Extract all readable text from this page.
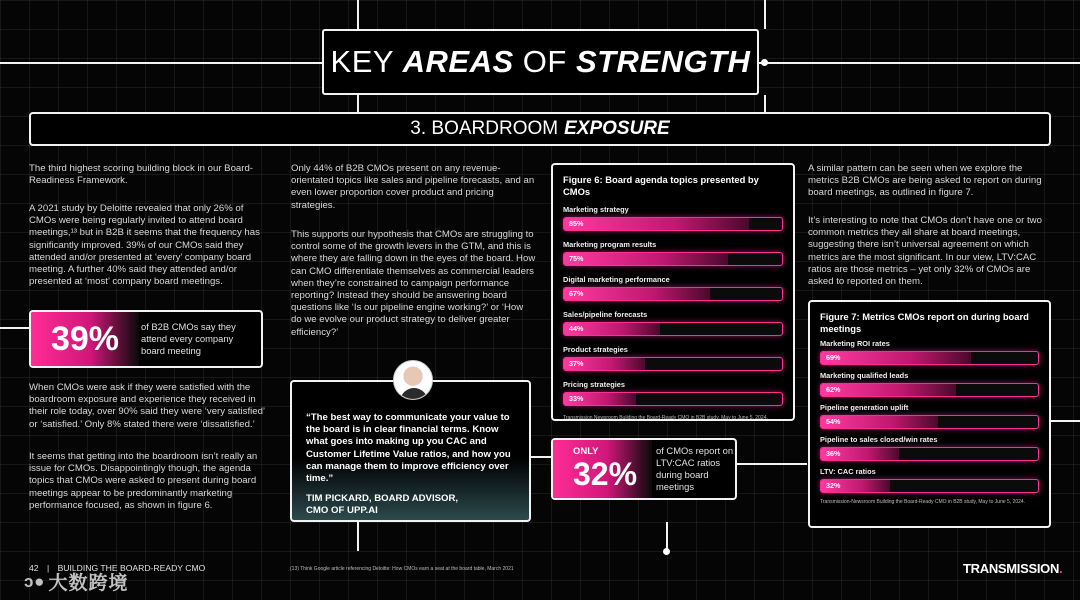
KEY AREAS OF STRENGTH
3. BOARDROOM EXPOSURE
The third highest scoring building block in our Board-Readiness Framework.
A 2021 study by Deloitte revealed that only 26% of CMOs were being regularly invited to attend board meetings,¹³ but in B2B it seems that the frequency has significantly improved. 39% of our CMOs said they attended and/or presented at ‘every’ company board meeting. A further 40% said they attended and/or presented at ‘most’ company board meetings.
39%	of B2B CMOs say they attend every company board meeting
When CMOs were ask if they were satisfied with the boardroom exposure and experience they received in their role today, over 90% said they were ‘very satisfied’ or ‘satisfied.’ Only 8% stated there were ‘dissatisfied.’
It seems that getting into the boardroom isn’t really an issue for CMOs. Disappointingly though, the agenda topics that CMOs were asked to present during board meetings appear to be predominantly marketing performance focused, as shown in figure 6.
Only 44% of B2B CMOs present on any revenue-orientated topics like sales and pipeline forecasts, and an even lower proportion cover product and pricing strategies.
This supports our hypothesis that CMOs are struggling to control some of the growth levers in the GTM, and this is where they are falling down in the eyes of the board. How can CMO differentiate themselves as commercial leaders when they’re constrained to campaign performance reporting? Instead they should be answering board questions like ‘Is our pipeline engine working?’ or ‘How do we evolve our product strategy to deliver greater efficiency?’
“The best way to communicate your value to the board is in clear financial terms. Know what goes into making up you CAC and Customer Lifetime Value ratios, and how you can manage them to improve efficiency over time.”
TIM PICKARD, BOARD ADVISOR,
CMO OF UPP.AI
Figure 6: Board agenda topics presented by CMOs
Marketing strategy
85%
Marketing program results
75%
Digital marketing performance
67%
Sales/pipeline forecasts
44%
Product strategies
37%
Pricing strategies
33%
Transmission Newsroom Building the Board-Ready CMO in B2B study, May to June 5, 2024.
ONLY
32%
of CMOs report on LTV:CAC ratios during board meetings
A similar pattern can be seen when we explore the metrics B2B CMOs are being asked to report on during board meetings, as outlined in figure 7.
It’s interesting to note that CMOs don’t have one or two common metrics they all share at board meetings, suggesting there isn’t universal agreement on which metrics are the most significant. In our view, LTV:CAC ratios are those metrics – yet only 32% of CMOs are asked to reported on them.
Figure 7: Metrics CMOs report on during board meetings
Marketing ROI rates
69%
Marketing qualified leads
62%
Pipeline generation uplift
54%
Pipeline to sales closed/win rates
36%
LTV: CAC ratios
32%
Transmission-Newsroom Building the Board-Ready CMO in B2B study, May to June 5, 2024.
42 | BUILDING THE BOARD-READY CMO	(13) Think Google article referencing Deloitte: How CMOs earn a seat at the board table, March 2021	TRANSMISSION.
ↄ ● 大数跨境
